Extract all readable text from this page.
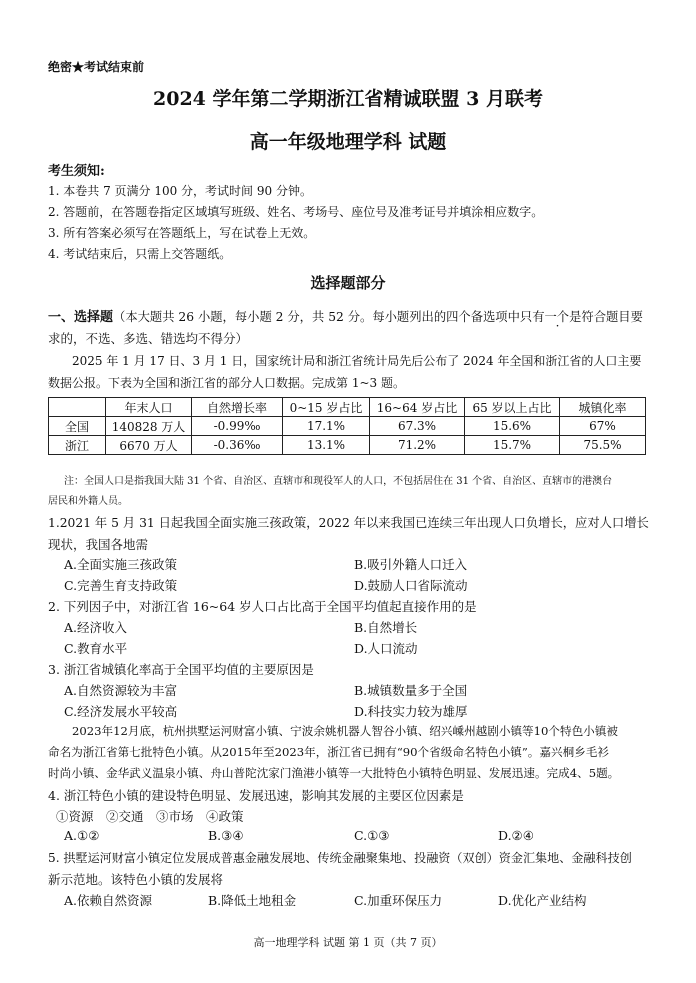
绝密★考试结束前
2024 学年第二学期浙江省精诚联盟 3 月联考
高一年级地理学科 试题
考生须知:
1. 本卷共 7 页满分 100 分，考试时间 90 分钟。
2. 答题前，在答题卷指定区域填写班级、姓名、考场号、座位号及准考证号并填涂相应数字。
3. 所有答案必须写在答题纸上，写在试卷上无效。
4. 考试结束后，只需上交答题纸。
选择题部分
一、选择题（本大题共 26 小题，每小题 2 分，共 52 分。每小题列出的四个备选项中只有一个是符合题目要
求的，不选、多选、错选均不得分）
2025 年 1 月 17 日、3 月 1 日，国家统计局和浙江省统计局先后公布了 2024 年全国和浙江省的人口主要
数据公报。下表为全国和浙江省的部分人口数据。完成第 1~3 题。
	年末人口	自然增长率	0~15 岁占比	16~64 岁占比	65 岁以上占比	城镇化率
全国	140828 万人	-0.99‰	17.1%	67.3%	15.6%	67%
浙江	6670 万人	-0.36‰	13.1%	71.2%	15.7%	75.5%
注：全国人口是指我国大陆 31 个省、自治区、直辖市和现役军人的人口，不包括居住在 31 个省、自治区、直辖市的港澳台
居民和外籍人员。
1.2021 年 5 月 31 日起我国全面实施三孩政策，2022 年以来我国已连续三年出现人口负增长，应对人口增长
现状，我国各地需
A.全面实施三孩政策	B.吸引外籍人口迁入
C.完善生育支持政策	D.鼓励人口省际流动
2. 下列因子中，对浙江省 16~64 岁人口占比高于全国平均值起直接作用的是
A.经济收入	B.自然增长
C.教育水平	D.人口流动
3. 浙江省城镇化率高于全国平均值的主要原因是
A.自然资源较为丰富	B.城镇数量多于全国
C.经济发展水平较高	D.科技实力较为雄厚
2023年12月底，杭州拱墅运河财富小镇、宁波余姚机器人智谷小镇、绍兴嵊州越剧小镇等10个特色小镇被
命名为浙江省第七批特色小镇。从2015年至2023年，浙江省已拥有“90个省级命名特色小镇”。嘉兴桐乡毛衫
时尚小镇、金华武义温泉小镇、舟山普陀沈家门渔港小镇等一大批特色小镇特色明显、发展迅速。完成4、5题。
4. 浙江特色小镇的建设特色明显、发展迅速，影响其发展的主要区位因素是
①资源　②交通　③市场　④政策
A.①②	B.③④	C.①③	D.②④
5. 拱墅运河财富小镇定位发展成普惠金融发展地、传统金融聚集地、投融资（双创）资金汇集地、金融科技创
新示范地。该特色小镇的发展将
A.依赖自然资源	B.降低土地租金	C.加重环保压力	D.优化产业结构
高一地理学科 试题 第 1 页（共 7 页）
